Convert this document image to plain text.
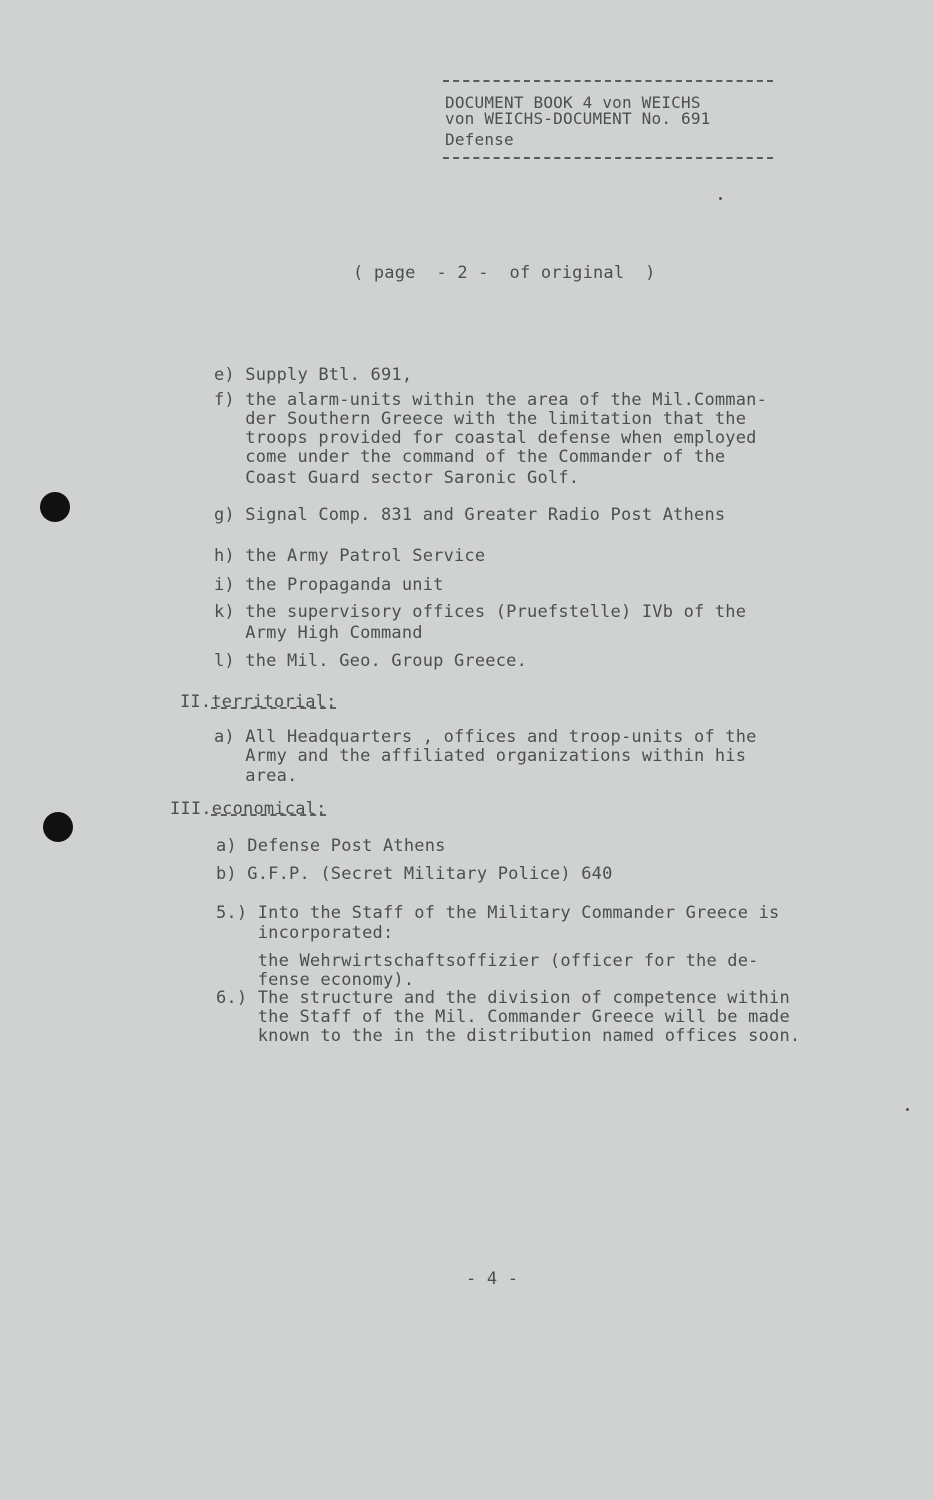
DOCUMENT BOOK 4 von WEICHS
von WEICHS-DOCUMENT No. 691
Defense
( page  - 2 -  of original  )
e) Supply Btl. 691,
f) the alarm-units within the area of the Mil.Comman-
der Southern Greece with the limitation that the
troops provided for coastal defense when employed
come under the command of the Commander of the
Coast Guard sector Saronic Golf.
g) Signal Comp. 831 and Greater Radio Post Athens
h) the Army Patrol Service
i) the Propaganda unit
k) the supervisory offices (Pruefstelle) IVb of the
Army High Command
l) the Mil. Geo. Group Greece.
II.territorial:
a) All Headquarters , offices and troop-units of the
Army and the affiliated organizations within his
area.
III.economical:
a) Defense Post Athens
b) G.F.P. (Secret Military Police) 640
5.) Into the Staff of the Military Commander Greece is
incorporated:
the Wehrwirtschaftsoffizier (officer for the de-
fense economy).
6.) The structure and the division of competence within
the Staff of the Mil. Commander Greece will be made
known to the in the distribution named offices soon.
- 4 -
